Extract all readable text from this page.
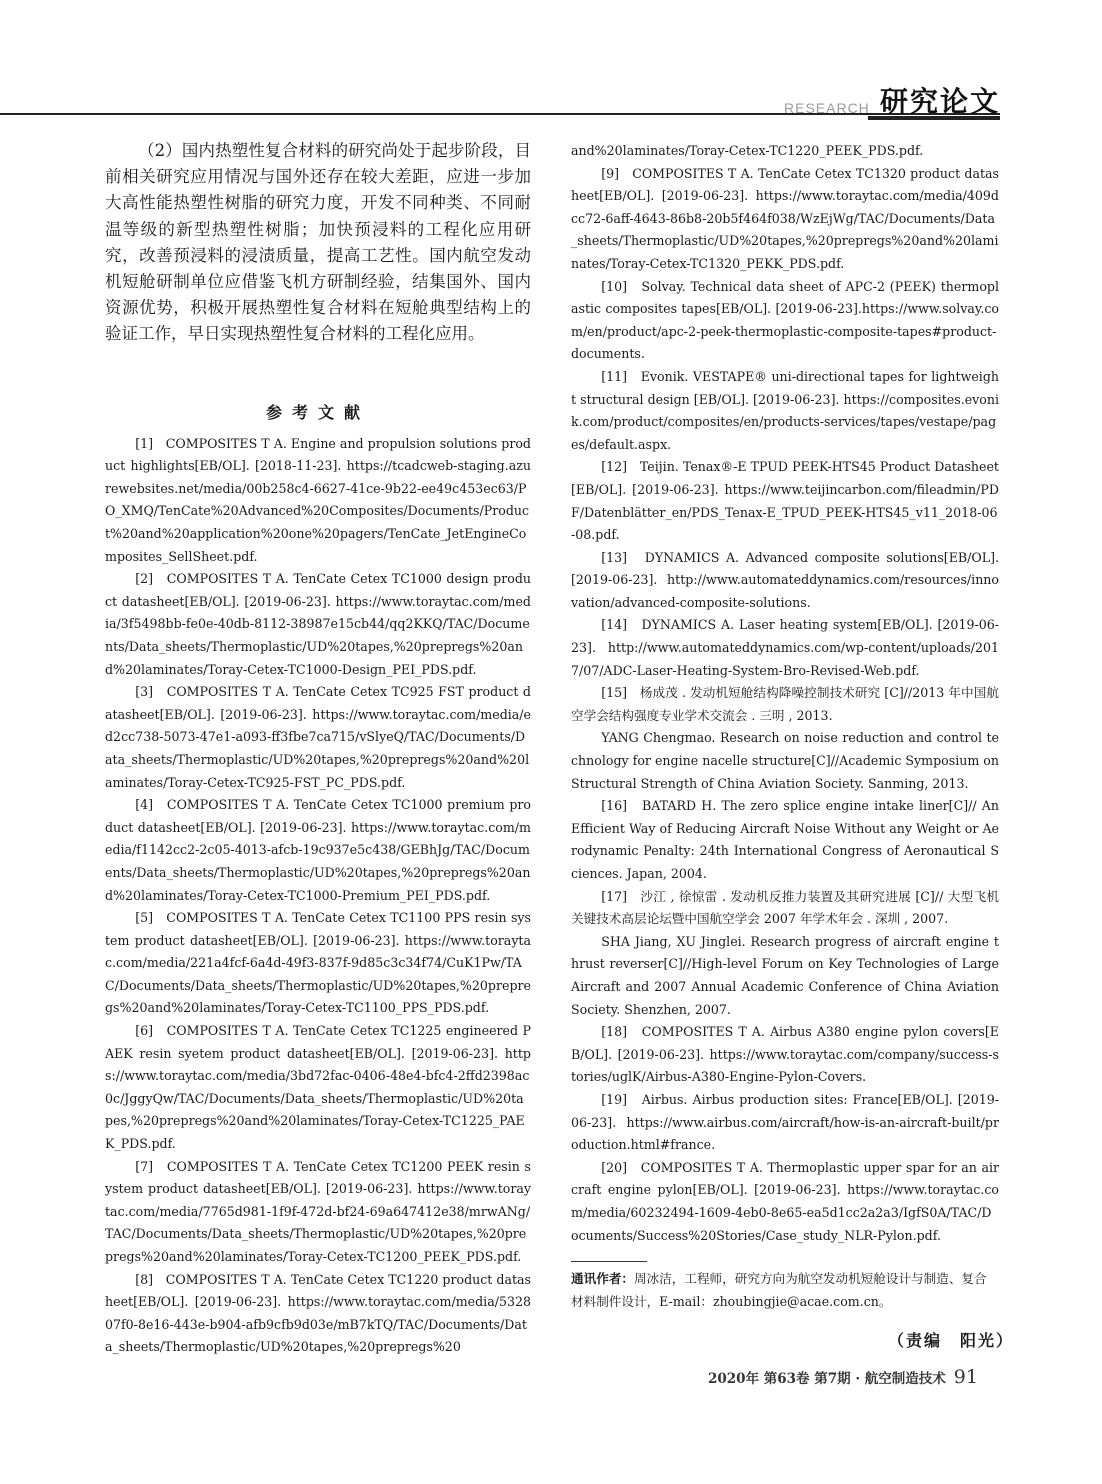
RESEARCH 研究论文

（2）国内热塑性复合材料的研究尚处于起步阶段，目前相关研究应用情况与国外还存在较大差距，应进一步加大高性能热塑性树脂的研究力度，开发不同种类、不同耐温等级的新型热塑性树脂；加快预浸料的工程化应用研究，改善预浸料的浸渍质量，提高工艺性。国内航空发动机短舱研制单位应借鉴飞机方研制经验，结集国外、国内资源优势，积极开展热塑性复合材料在短舱典型结构上的验证工作，早日实现热塑性复合材料的工程化应用。

参考文献

[1]　COMPOSITES T A. Engine and propulsion solutions product highlights[EB/OL]. [2018-11-23]. https://tcadcweb-staging.azurewebsites.net/media/00b258c4-6627-41ce-9b22-ee49c453ec63/PO_XMQ/TenCate%20Advanced%20Composites/Documents/Product%20and%20application%20one%20pagers/TenCate_JetEngineComposites_SellSheet.pdf.

[2]　COMPOSITES T A. TenCate Cetex TC1000 design product datasheet[EB/OL]. [2019-06-23]. https://www.toraytac.com/media/3f5498bb-fe0e-40db-8112-38987e15cb44/qq2KKQ/TAC/Documents/Data_sheets/Thermoplastic/UD%20tapes,%20prepregs%20and%20laminates/Toray-Cetex-TC1000-Design_PEI_PDS.pdf.

[3]　COMPOSITES T A. TenCate Cetex TC925 FST product datasheet[EB/OL]. [2019-06-23]. https://www.toraytac.com/media/ed2cc738-5073-47e1-a093-ff3fbe7ca715/vSlyeQ/TAC/Documents/Data_sheets/Thermoplastic/UD%20tapes,%20prepregs%20and%20laminates/Toray-Cetex-TC925-FST_PC_PDS.pdf.

[4]　COMPOSITES T A. TenCate Cetex TC1000 premium product datasheet[EB/OL]. [2019-06-23]. https://www.toraytac.com/media/f1142cc2-2c05-4013-afcb-19c937e5c438/GEBhJg/TAC/Documents/Data_sheets/Thermoplastic/UD%20tapes,%20prepregs%20and%20laminates/Toray-Cetex-TC1000-Premium_PEI_PDS.pdf.

[5]　COMPOSITES T A. TenCate Cetex TC1100 PPS resin system product datasheet[EB/OL]. [2019-06-23]. https://www.toraytac.com/media/221a4fcf-6a4d-49f3-837f-9d85c3c34f74/CuK1Pw/TAC/Documents/Data_sheets/Thermoplastic/UD%20tapes,%20prepregs%20and%20laminates/Toray-Cetex-TC1100_PPS_PDS.pdf.

[6]　COMPOSITES T A. TenCate Cetex TC1225 engineered PAEK resin syetem product datasheet[EB/OL]. [2019-06-23]. https://www.toraytac.com/media/3bd72fac-0406-48e4-bfc4-2ffd2398ac0c/JggyQw/TAC/Documents/Data_sheets/Thermoplastic/UD%20tapes,%20prepregs%20and%20laminates/Toray-Cetex-TC1225_PAEK_PDS.pdf.

[7]　COMPOSITES T A. TenCate Cetex TC1200 PEEK resin system product datasheet[EB/OL]. [2019-06-23]. https://www.toraytac.com/media/7765d981-1f9f-472d-bf24-69a647412e38/mrwANg/TAC/Documents/Data_sheets/Thermoplastic/UD%20tapes,%20prepregs%20and%20laminates/Toray-Cetex-TC1200_PEEK_PDS.pdf.

[8]　COMPOSITES T A. TenCate Cetex TC1220 product datasheet[EB/OL]. [2019-06-23]. https://www.toraytac.com/media/532807f0-8e16-443e-b904-afb9cfb9d03e/mB7kTQ/TAC/Documents/Data_sheets/Thermoplastic/UD%20tapes,%20prepregs%20

and%20laminates/Toray-Cetex-TC1220_PEEK_PDS.pdf.

[9]　COMPOSITES T A. TenCate Cetex TC1320 product datasheet[EB/OL]. [2019-06-23]. https://www.toraytac.com/media/409dcc72-6aff-4643-86b8-20b5f464f038/WzEjWg/TAC/Documents/Data_sheets/Thermoplastic/UD%20tapes,%20prepregs%20and%20laminates/Toray-Cetex-TC1320_PEKK_PDS.pdf.

[10]　Solvay. Technical data sheet of APC-2 (PEEK) thermoplastic composites tapes[EB/OL]. [2019-06-23].https://www.solvay.com/en/product/apc-2-peek-thermoplastic-composite-tapes#product-documents.

[11]　Evonik. VESTAPE® uni-directional tapes for lightweight structural design [EB/OL]. [2019-06-23]. https://composites.evonik.com/product/composites/en/products-services/tapes/vestape/pages/default.aspx.

[12]　Teijin. Tenax®-E TPUD PEEK-HTS45 Product Datasheet [EB/OL]. [2019-06-23]. https://www.teijincarbon.com/fileadmin/PDF/Datenblätter_en/PDS_Tenax-E_TPUD_PEEK-HTS45_v11_2018-06-08.pdf.

[13]　DYNAMICS A. Advanced composite solutions[EB/OL]. [2019-06-23]. http://www.automateddynamics.com/resources/innovation/advanced-composite-solutions.

[14]　DYNAMICS A. Laser heating system[EB/OL]. [2019-06-23]. http://www.automateddynamics.com/wp-content/uploads/2017/07/ADC-Laser-Heating-System-Bro-Revised-Web.pdf.

[15]　杨成茂 . 发动机短舱结构降噪控制技术研究 [C]//2013 年中国航空学会结构强度专业学术交流会 . 三明 , 2013.

YANG Chengmao. Research on noise reduction and control technology for engine nacelle structure[C]//Academic Symposium on Structural Strength of China Aviation Society. Sanming, 2013.

[16]　BATARD H. The zero splice engine intake liner[C]// An Efficient Way of Reducing Aircraft Noise Without any Weight or Aerodynamic Penalty: 24th International Congress of Aeronautical Sciences. Japan, 2004.

[17]　沙江 , 徐惊雷 . 发动机反推力装置及其研究进展 [C]// 大型飞机关键技术高层论坛暨中国航空学会 2007 年学术年会 . 深圳 , 2007.

SHA Jiang, XU Jinglei. Research progress of aircraft engine thrust reverser[C]//High-level Forum on Key Technologies of Large Aircraft and 2007 Annual Academic Conference of China Aviation Society. Shenzhen, 2007.

[18]　COMPOSITES T A. Airbus A380 engine pylon covers[EB/OL]. [2019-06-23]. https://www.toraytac.com/company/success-stories/uglK/Airbus-A380-Engine-Pylon-Covers.

[19]　Airbus. Airbus production sites: France[EB/OL]. [2019-06-23]. https://www.airbus.com/aircraft/how-is-an-aircraft-built/production.html#france.

[20]　COMPOSITES T A. Thermoplastic upper spar for an aircraft engine pylon[EB/OL]. [2019-06-23]. https://www.toraytac.com/media/60232494-1609-4eb0-8e65-ea5d1cc2a2a3/IgfS0A/TAC/Documents/Success%20Stories/Case_study_NLR-Pylon.pdf.

通讯作者：周冰洁，工程师，研究方向为航空发动机短舱设计与制造、复合材料制件设计，E-mail：zhoubingjie@acae.com.cn。

（责编　阳光）
2020年 第63卷 第7期 · 航空制造技术 91
